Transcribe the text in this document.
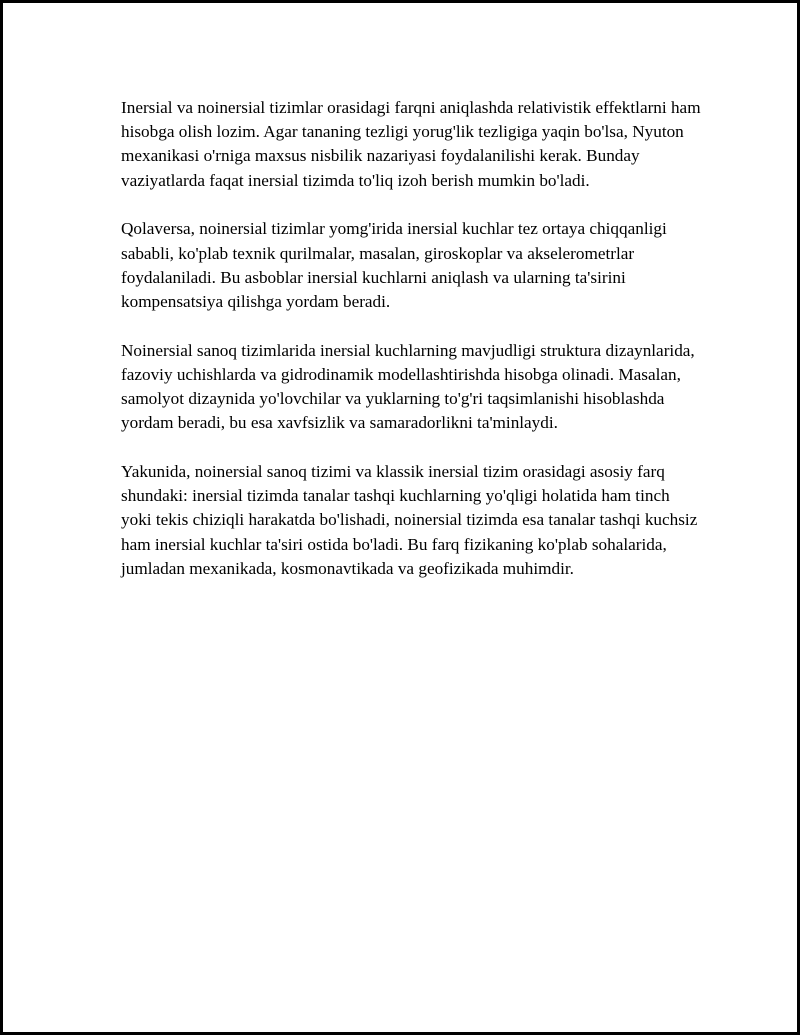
Inersial va noinersial tizimlar orasidagi farqni aniqlashda relativistik effektlarni ham hisobga olish lozim. Agar tananing tezligi yorug'lik tezligiga yaqin bo'lsa, Nyuton mexanikasi o'rniga maxsus nisbilik nazariyasi foydalanilishi kerak. Bunday vaziyatlarda faqat inersial tizimda to'liq izoh berish mumkin bo'ladi.

Qolaversa, noinersial tizimlar yomg'irida inersial kuchlar tez ortaya chiqqanligi sababli, ko'plab texnik qurilmalar, masalan, giroskoplar va akselerometrlar foydalaniladi. Bu asboblar inersial kuchlarni aniqlash va ularning ta'sirini kompensatsiya qilishga yordam beradi.

Noinersial sanoq tizimlarida inersial kuchlarning mavjudligi struktura dizaynlarida, fazoviy uchishlarda va gidrodinamik modellashtirishda hisobga olinadi. Masalan, samolyot dizaynida yo'lovchilar va yuklarning to'g'ri taqsimlanishi hisoblashda yordam beradi, bu esa xavfsizlik va samaradorlikni ta'minlaydi.

Yakunida, noinersial sanoq tizimi va klassik inersial tizim orasidagi asosiy farq shundaki: inersial tizimda tanalar tashqi kuchlarning yo'qligi holatida ham tinch yoki tekis chiziqli harakatda bo'lishadi, noinersial tizimda esa tanalar tashqi kuchsiz ham inersial kuchlar ta'siri ostida bo'ladi. Bu farq fizikaning ko'plab sohalarida, jumladan mexanikada, kosmonavtikada va geofizikada muhimdir.
